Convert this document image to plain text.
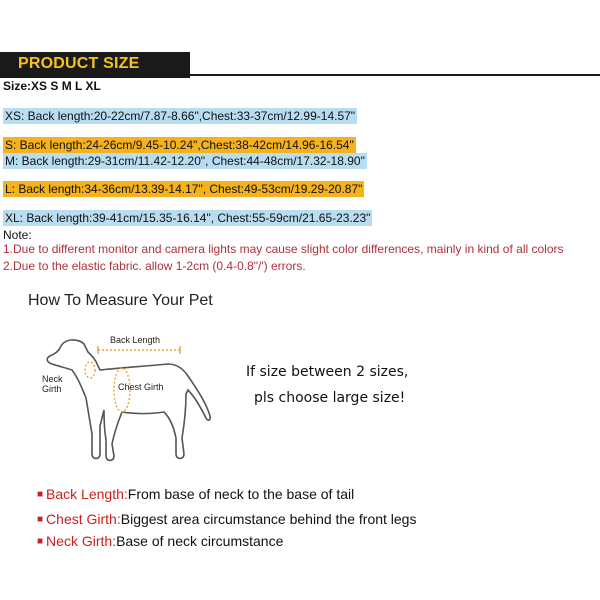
PRODUCT SIZE
Size:XS S M L XL
XS: Back length:20-22cm/7.87-8.66",Chest:33-37cm/12.99-14.57"
S: Back length:24-26cm/9.45-10.24",Chest:38-42cm/14.96-16.54"
M: Back length:29-31cm/11.42-12.20", Chest:44-48cm/17.32-18.90"
L: Back length:34-36cm/13.39-14.17", Chest:49-53cm/19.29-20.87"
XL: Back length:39-41cm/15.35-16.14", Chest:55-59cm/21.65-23.23"
Note:
1.Due to different monitor and camera lights may cause slight color differences, mainly in kind of all colors
2.Due to the elastic fabric. allow 1-2cm (0.4-0.8"/') errors.
How To Measure Your Pet
Back Length
Neck
Girth	Chest Girth
If size between 2 sizes,
pls choose large size!
■ Back Length:From base of neck to the base of tail
■ Chest Girth:Biggest area circumstance behind the front legs
■ Neck Girth:Base of neck circumstance
